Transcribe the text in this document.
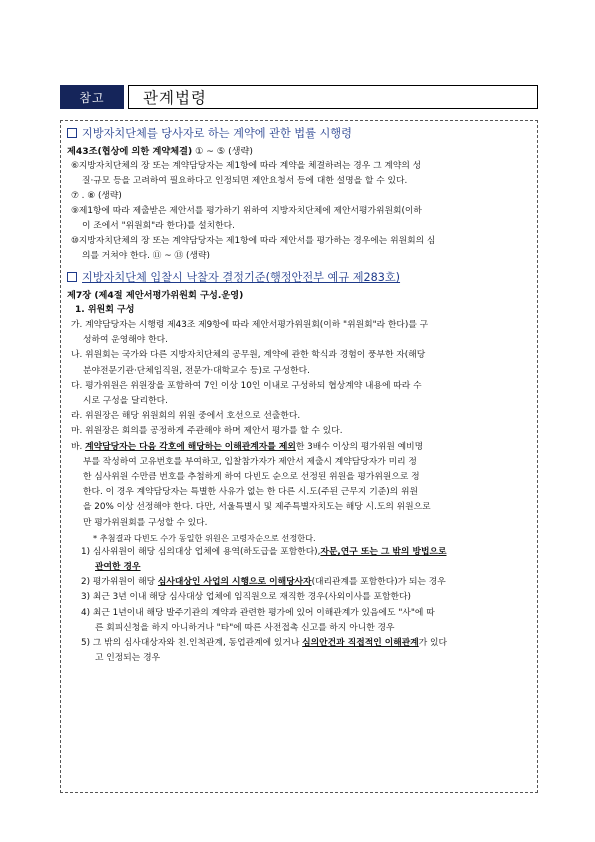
참고	관계법령
지방자치단체를 당사자로 하는 계약에 관한 법률 시행령
제43조(협상에 의한 계약체결) ① ~ ⑤ (생략)
⑥지방자치단체의 장 또는 계약담당자는 제1항에 따라 계약을 체결하려는 경우 그 계약의 성
질·규모 등을 고려하여 필요하다고 인정되면 제안요청서 등에 대한 설명을 할 수 있다.
⑦ . ⑧ (생략)
⑨제1항에 따라 제출받은 제안서를 평가하기 위하여 지방자치단체에 제안서평가위원회(이하
이 조에서 "위원회"라 한다)를 설치한다.
⑩지방자치단체의 장 또는 계약담당자는 제1항에 따라 제안서를 평가하는 경우에는 위원회의 심
의를 거쳐야 한다. ⑪ ~ ⑬ (생략)
지방자치단체 입찰시 낙찰자 결정기준(행정안전부 예규 제283호)
제7장 (제4절 제안서평가위원회 구성.운영)
1. 위원회 구성
가. 계약담당자는 시행령 제43조 제9항에 따라 제안서평가위원회(이하 "위원회"라 한다)를 구
성하여 운영해야 한다.
나. 위원회는 국가와 다른 지방자치단체의 공무원, 계약에 관한 학식과 경험이 풍부한 자(해당
분야전문기관·단체임직원, 전문가·대학교수 등)로 구성한다.
다. 평가위원은 위원장을 포함하여 7인 이상 10인 이내로 구성하되 협상계약 내용에 따라 수
시로 구성을 달리한다.
라. 위원장은 해당 위원회의 위원 중에서 호선으로 선출한다.
마. 위원장은 회의를 공정하게 주관해야 하며 제안서 평가를 할 수 있다.
바. 계약담당자는 다음 각호에 해당하는 이해관계자를 제외한 3배수 이상의 평가위원 예비명
부를 작성하여 고유번호를 부여하고, 입찰참가자가 제안서 제출시 계약담당자가 미리 정
한 심사위원 수만큼 번호를 추첨하게 하여 다빈도 순으로 선정된 위원을 평가위원으로 정
한다. 이 경우 계약담당자는 특별한 사유가 없는 한 다른 시.도(주된 근무지 기준)의 위원
을 20% 이상 선정해야 한다. 다만, 서울특별시 및 제주특별자치도는 해당 시.도의 위원으로
만 평가위원회를 구성할 수 있다.
* 추첨결과 다빈도 수가 동일한 위원은 고령자순으로 선정한다.
1) 심사위원이 해당 심의대상 업체에 용역(하도급을 포함한다),자문,연구 또는 그 밖의 방법으로
관여한 경우
2) 평가위원이 해당 심사대상인 사업의 시행으로 이해당사자(대리관계를 포함한다)가 되는 경우
3) 최근 3년 이내 해당 심사대상 업체에 임직원으로 재직한 경우(사외이사를 포함한다)
4) 최근 1년이내 해당 발주기관의 계약과 관련한 평가에 있어 이해관계가 있음에도 "사"에 따
른 회피신청을 하지 아니하거나 "타"에 따른 사전접촉 신고를 하지 아니한 경우
5) 그 밖의 심사대상자와 친.인척관계, 동업관계에 있거나 심의안건과 직접적인 이해관계가 있다
고 인정되는 경우
